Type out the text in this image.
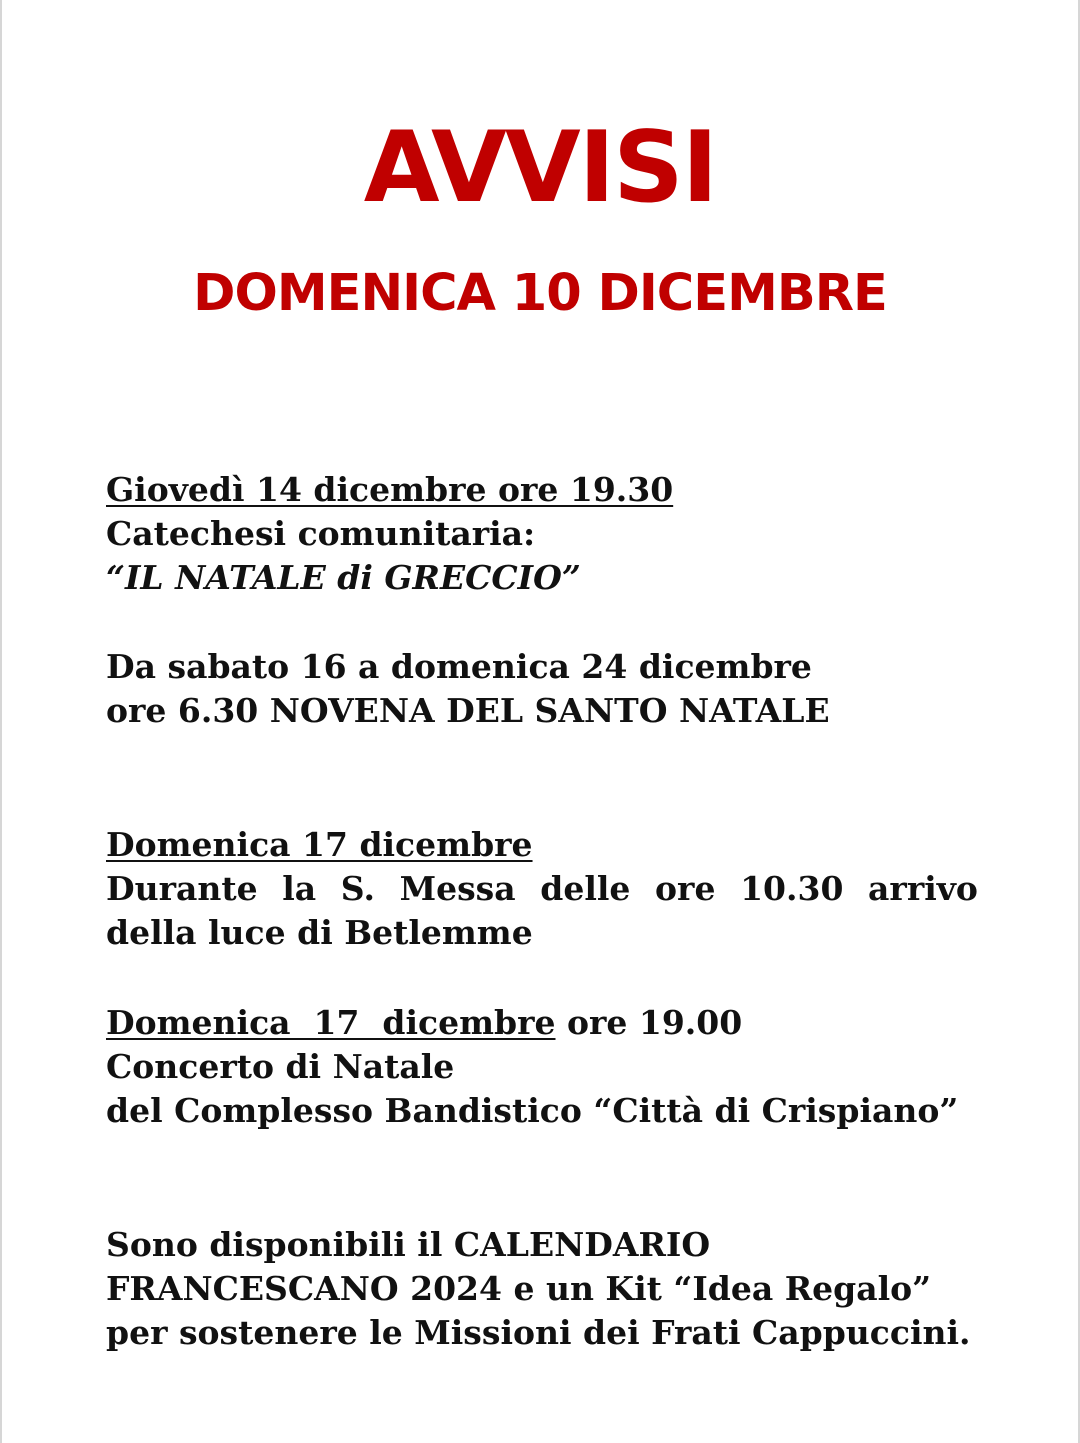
AVVISI
DOMENICA 10 DICEMBRE
Giovedì 14 dicembre ore 19.30
Catechesi comunitaria:
“IL NATALE di GRECCIO”
Da sabato 16 a domenica 24 dicembre
ore 6.30 NOVENA DEL SANTO NATALE
Domenica 17 dicembre
Durante la S. Messa delle ore 10.30 arrivo
della luce di Betlemme
Domenica  17  dicembre ore 19.00
Concerto di Natale
del Complesso Bandistico “Città di Crispiano”
Sono disponibili il CALENDARIO
FRANCESCANO 2024 e un Kit “Idea Regalo”
per sostenere le Missioni dei Frati Cappuccini.
